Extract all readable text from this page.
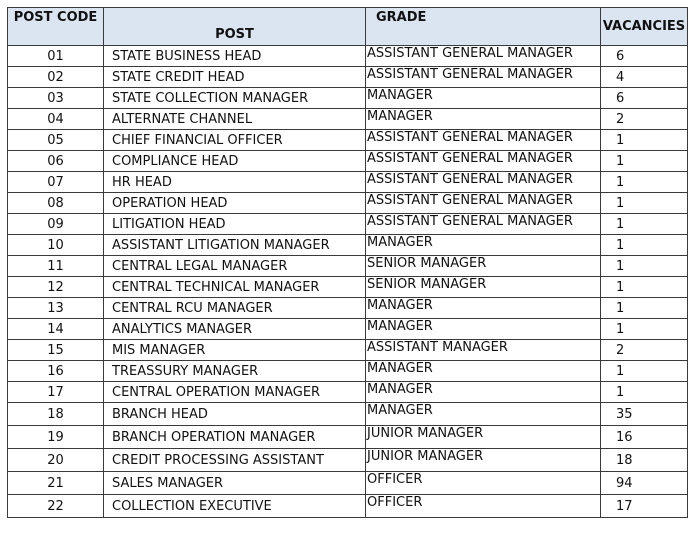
POST CODE	POST	GRADE	VACANCIES
01	STATE BUSINESS HEAD	ASSISTANT GENERAL MANAGER	6
02	STATE CREDIT HEAD	ASSISTANT GENERAL MANAGER	4
03	STATE COLLECTION MANAGER	MANAGER	6
04	ALTERNATE CHANNEL	MANAGER	2
05	CHIEF FINANCIAL OFFICER	ASSISTANT GENERAL MANAGER	1
06	COMPLIANCE HEAD	ASSISTANT GENERAL MANAGER	1
07	HR HEAD	ASSISTANT GENERAL MANAGER	1
08	OPERATION HEAD	ASSISTANT GENERAL MANAGER	1
09	LITIGATION HEAD	ASSISTANT GENERAL MANAGER	1
10	ASSISTANT LITIGATION MANAGER	MANAGER	1
11	CENTRAL LEGAL MANAGER	SENIOR MANAGER	1
12	CENTRAL TECHNICAL MANAGER	SENIOR MANAGER	1
13	CENTRAL RCU MANAGER	MANAGER	1
14	ANALYTICS MANAGER	MANAGER	1
15	MIS MANAGER	ASSISTANT MANAGER	2
16	TREASSURY MANAGER	MANAGER	1
17	CENTRAL OPERATION MANAGER	MANAGER	1
18	BRANCH HEAD	MANAGER	35
19	BRANCH OPERATION MANAGER	JUNIOR MANAGER	16
20	CREDIT PROCESSING ASSISTANT	JUNIOR MANAGER	18
21	SALES MANAGER	OFFICER	94
22	COLLECTION EXECUTIVE	OFFICER	17
